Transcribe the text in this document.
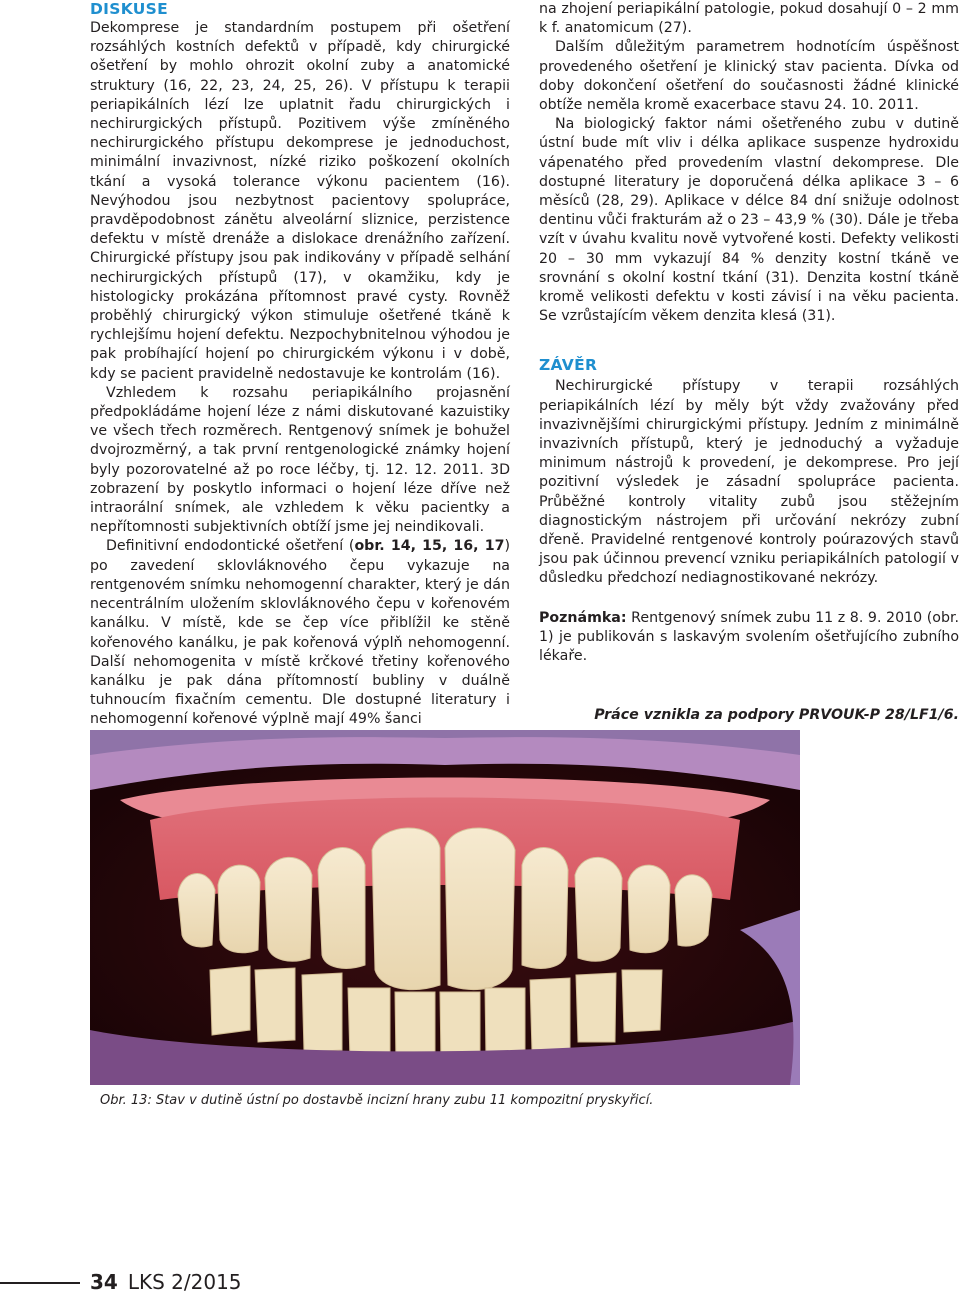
DISKUSE

Dekomprese je standardním postupem při ošetření rozsáhlých kostních defektů v případě, kdy chirurgické ošetření by mohlo ohrozit okolní zuby a anatomické struktury (16, 22, 23, 24, 25, 26). V přístupu k terapii periapikálních lézí lze uplatnit řadu chirurgických i nechirurgických přístupů. Pozitivem výše zmíněného nechirurgického přístupu dekomprese je jednoduchost, minimální invazivnost, nízké riziko poškození okolních tkání a vysoká tolerance výkonu pacientem (16). Nevýhodou jsou nezbytnost pacientovy spolupráce, pravděpodobnost zánětu alveolární sliznice, perzistence defektu v místě drenáže a dislokace drenážního zařízení. Chirurgické přístupy jsou pak indikovány v případě selhání nechirurgických přístupů (17), v okamžiku, kdy je histologicky prokázána přítomnost pravé cysty. Rovněž proběhlý chirurgický výkon stimuluje ošetřené tkáně k rychlejšímu hojení defektu. Nezpochybnitelnou výhodou je pak probíhající hojení po chirurgickém výkonu i v době, kdy se pacient pravidelně nedostavuje ke kontrolám (16).

Vzhledem k rozsahu periapikálního projasnění předpokládáme hojení léze z námi diskutované kazuistiky ve všech třech rozměrech. Rentgenový snímek je bohužel dvojrozměrný, a tak první rentgenologické známky hojení byly pozorovatelné až po roce léčby, tj. 12. 12. 2011. 3D zobrazení by poskytlo informaci o hojení léze dříve než intraorální snímek, ale vzhledem k věku pacientky a nepřítomnosti subjektivních obtíží jsme jej neindikovali.

Definitivní endodontické ošetření (obr. 14, 15, 16, 17) po zavedení sklovláknového čepu vykazuje na rentgenovém snímku nehomogenní charakter, který je dán necentrálním uložením sklovláknového čepu v kořenovém kanálku. V místě, kde se čep více přiblížil ke stěně kořenového kanálku, je pak kořenová výplň nehomogenní. Další nehomogenita v místě krčkové třetiny kořenového kanálku je pak dána přítomností bubliny v duálně tuhnoucím fixačním cementu. Dle dostupné literatury i nehomogenní kořenové výplně mají 49% šanci

na zhojení periapikální patologie, pokud dosahují 0 – 2 mm k f. anatomicum (27).

Dalším důležitým parametrem hodnotícím úspěšnost provedeného ošetření je klinický stav pacienta. Dívka od doby dokončení ošetření do současnosti žádné klinické obtíže neměla kromě exacerbace stavu 24. 10. 2011.

Na biologický faktor námi ošetřeného zubu v dutině ústní bude mít vliv i délka aplikace suspenze hydroxidu vápenatého před provedením vlastní dekomprese. Dle dostupné literatury je doporučená délka aplikace 3 – 6 měsíců (28, 29). Aplikace v délce 84 dní snižuje odolnost dentinu vůči frakturám až o 23 – 43,9 % (30). Dále je třeba vzít v úvahu kvalitu nově vytvořené kosti. Defekty velikosti 20 – 30 mm vykazují 84 % denzity kostní tkáně ve srovnání s okolní kostní tkání (31). Denzita kostní tkáně kromě velikosti defektu v kosti závisí i na věku pacienta. Se vzrůstajícím věkem denzita klesá (31).

ZÁVĚR

Nechirurgické přístupy v terapii rozsáhlých periapikálních lézí by měly být vždy zvažovány před invazivnějšími chirurgickými přístupy. Jedním z minimálně invazivních přístupů, který je jednoduchý a vyžaduje minimum nástrojů k provedení, je dekomprese. Pro její pozitivní výsledek je zásadní spolupráce pacienta. Průběžné kontroly vitality zubů jsou stěžejním diagnostickým nástrojem při určování nekrózy zubní dřeně. Pravidelné rentgenové kontroly poúrazových stavů jsou pak účinnou prevencí vzniku periapikálních patologií v důsledku předchozí nediagnostikované nekrózy.

Poznámka: Rentgenový snímek zubu 11 z 8. 9. 2010 (obr. 1) je publikován s laskavým svolením ošetřujícího zubního lékaře.

Práce vznikla za podpory PRVOUK-P 28/LF1/6.

Obr. 13: Stav v dutině ústní po dostavbě incizní hrany zubu 11 kompozitní pryskyřicí.
34 LKS 2/2015
